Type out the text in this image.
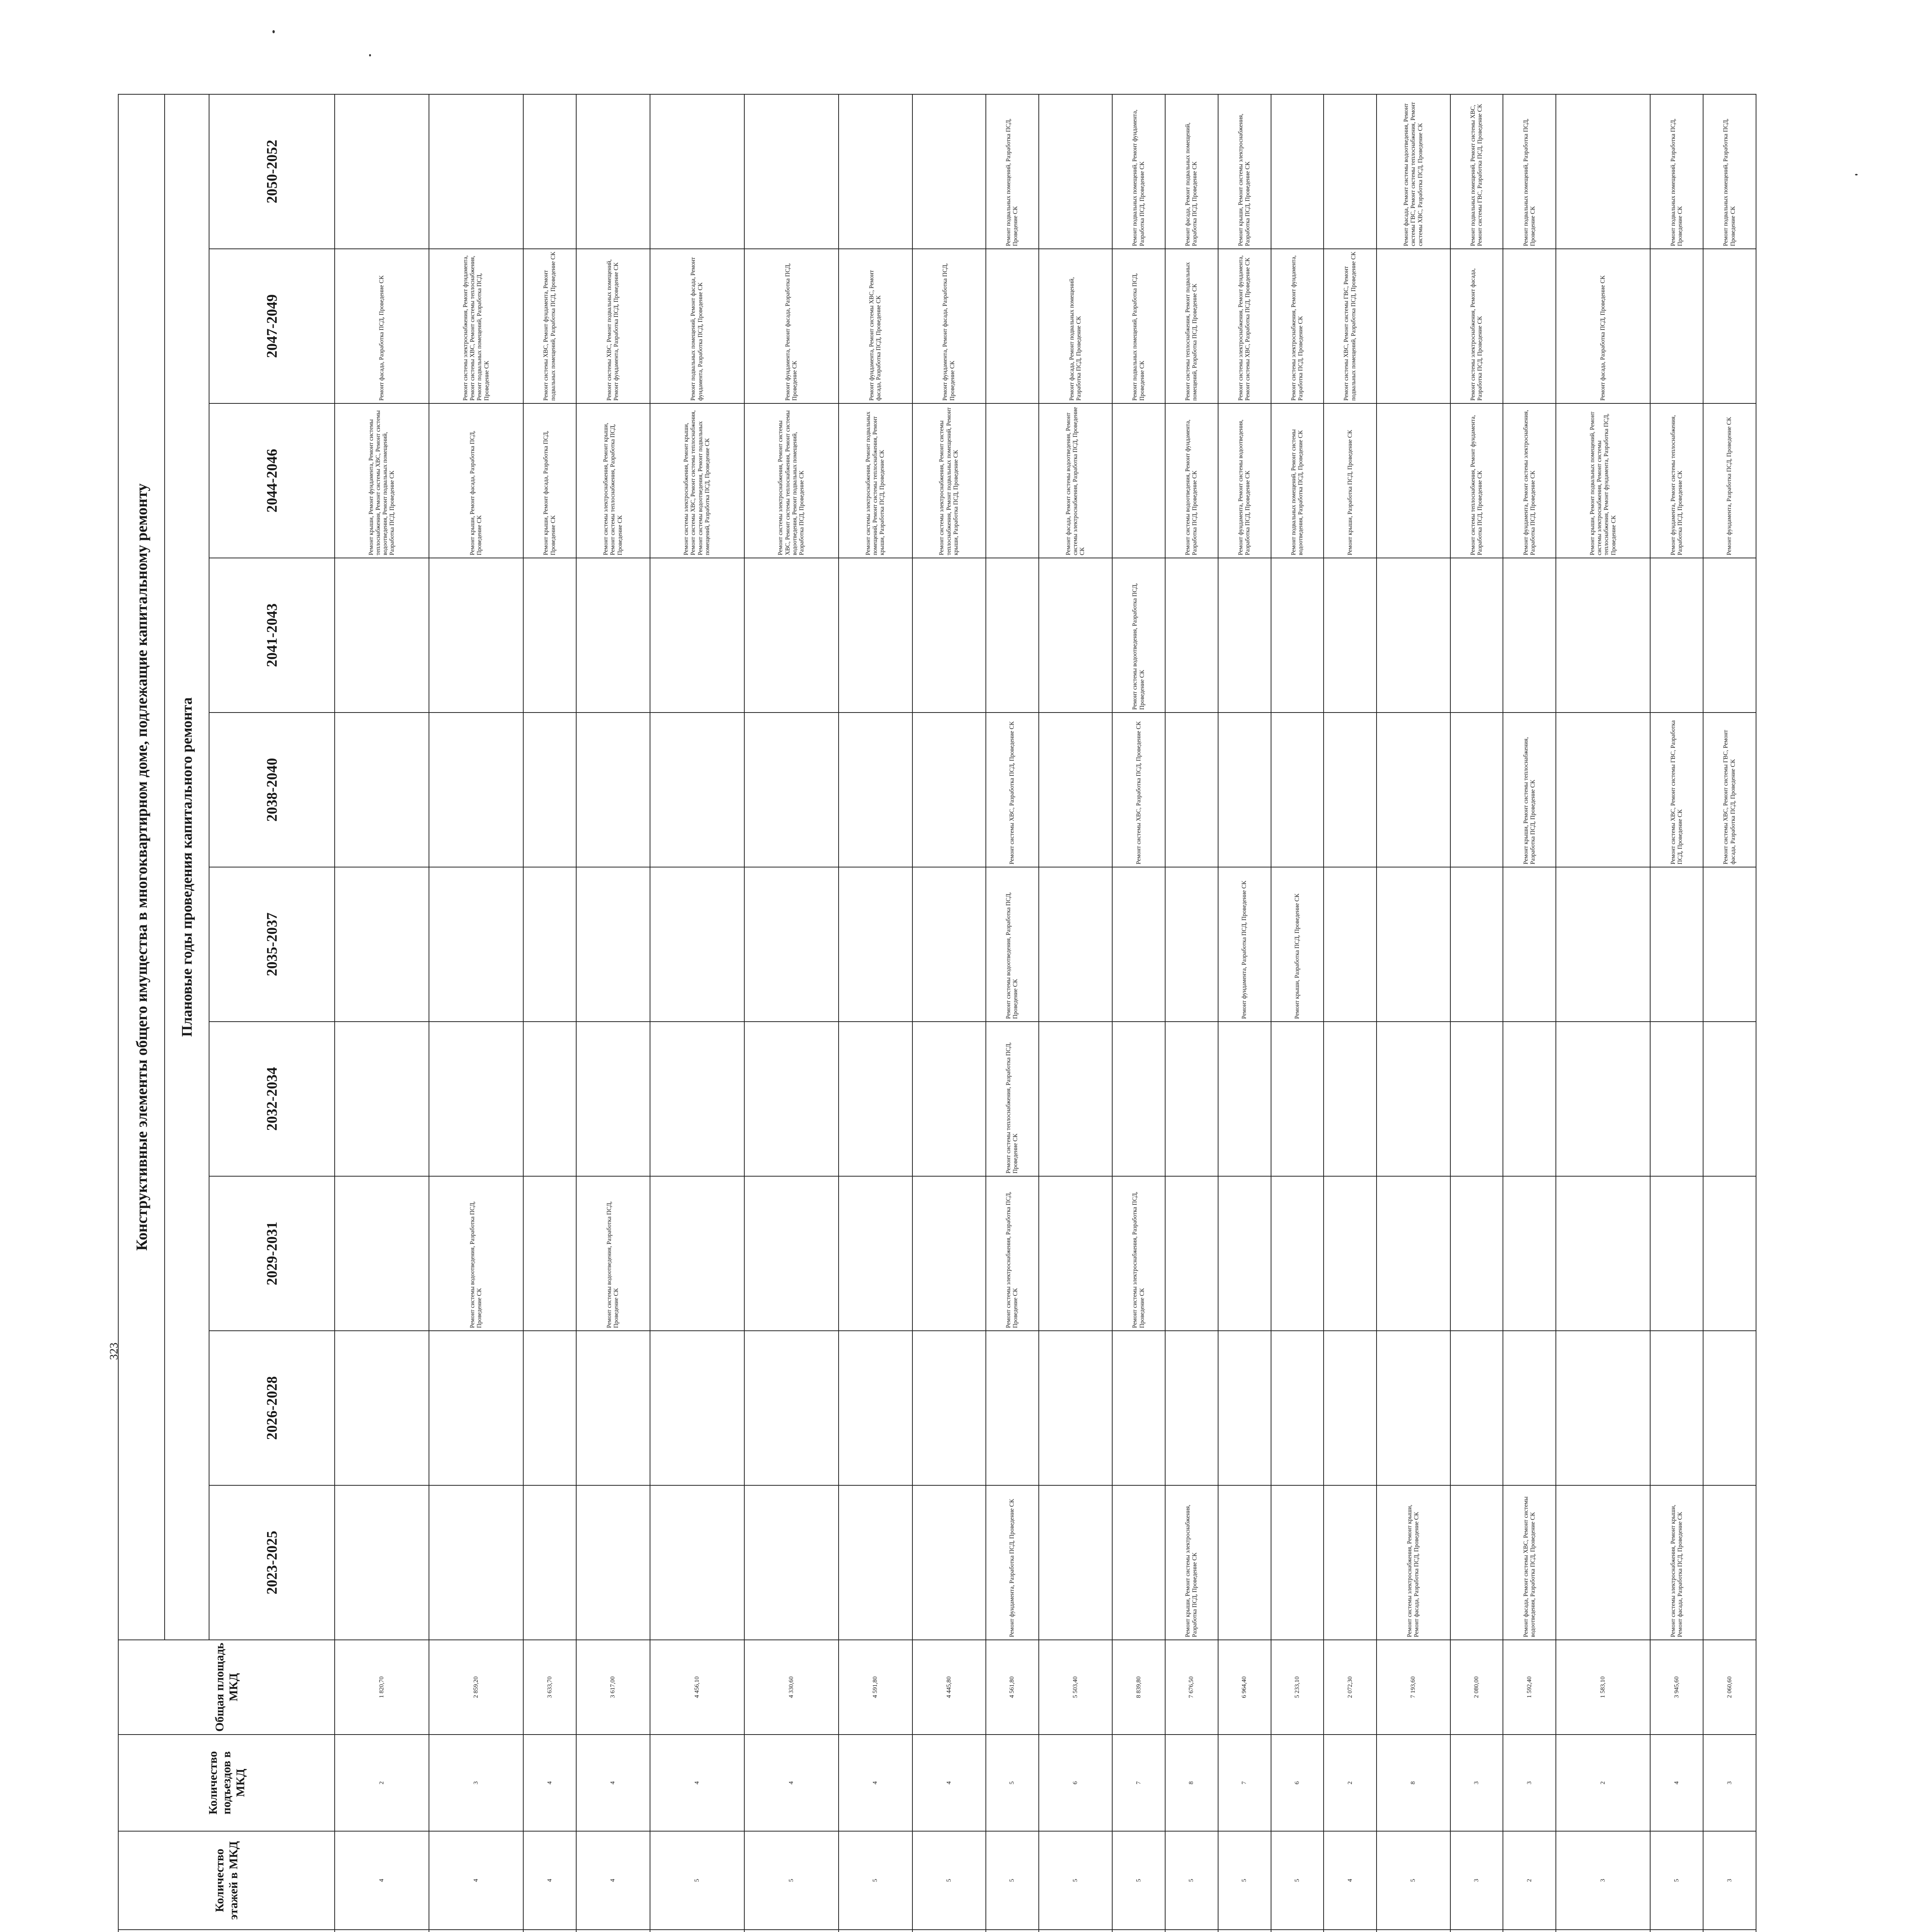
323
						Количество этажей в МКД	Количество подъездов в МКД	Общая площадь МКД	Конструктивные элементы общего имущества в многоквартирном доме, подлежащие капитальному ремонту									
									Плановые годы проведения капитального ремонта									
									2023-2025	2026-2028	2029-2031	2032-2034	2035-2037	2038-2040	2041-2043	2044-2046	2047-2049	2050-2052
						4	2	1 820,70								Ремонт крыши, Ремонт фундамента, Ремонт системы теплоснабжения, Ремонт системы ХВС, Ремонт системы водоотведения, Ремонт подвальных помещений, Разработка ПСД, Проведение СК	Ремонт фасада, Разработка ПСД, Проведение СК	
						4	3	2 859,20			Ремонт системы водоотведения, Разработка ПСД, Проведение СК					Ремонт крыши, Ремонт фасада, Разработка ПСД, Проведение СК	Ремонт системы электроснабжения, Ремонт фундамента, Ремонт системы ХВС, Ремонт системы теплоснабжения, Ремонт подвальных помещений, Разработка ПСД, Проведение СК	
						4	4	3 633,70								Ремонт крыши, Ремонт фасада, Разработка ПСД, Проведение СК	Ремонт системы ХВС, Ремонт фундамента, Ремонт подвальных помещений, Разработка ПСД, Проведение СК	
						4	4	3 617,00			Ремонт системы водоотведения, Разработка ПСД, Проведение СК					Ремонт системы электроснабжения, Ремонт крыши, Ремонт системы теплоснабжения, Разработка ПСД, Проведение СК	Ремонт системы ХВС, Ремонт подвальных помещений, Ремонт фундамента, Разработка ПСД, Проведение СК	
						5	4	4 456,10								Ремонт системы электроснабжения, Ремонт крыши, Ремонт системы ХВС, Ремонт системы теплоснабжения, Ремонт системы водоотведения, Ремонт подвальных помещений, Разработка ПСД, Проведение СК	Ремонт подвальных помещений, Ремонт фасада, Ремонт фундамента, Разработка ПСД, Проведение СК	
						5	4	4 330,60								Ремонт системы электроснабжения, Ремонт системы ХВС, Ремонт системы теплоснабжения, Ремонт системы водоотведения, Ремонт подвальных помещений, Разработка ПСД, Проведение СК	Ремонт фундамента, Ремонт фасада, Разработка ПСД, Проведение СК	
						5	4	4 591,80								Ремонт системы электроснабжения, Ремонт подвальных помещений, Ремонт системы теплоснабжения, Ремонт крыши, Разработка ПСД, Проведение СК	Ремонт фундамента, Ремонт системы ХВС, Ремонт фасада, Разработка ПСД, Проведение СК	
						5	4	4 445,80								Ремонт системы электроснабжения, Ремонт системы теплоснабжения, Ремонт подвальных помещений, Ремонт крыши, Разработка ПСД, Проведение СК	Ремонт фундамента, Ремонт фасада, Разработка ПСД, Проведение СК	
						5	5	4 561,80	Ремонт фундамента, Разработка ПСД, Проведение СК		Ремонт системы электроснабжения, Разработка ПСД, Проведение СК	Ремонт системы теплоснабжения, Разработка ПСД, Проведение СК	Ремонт системы водоотведения, Разработка ПСД, Проведение СК	Ремонт системы ХВС, Разработка ПСД, Проведение СК				Ремонт подвальных помещений, Разработка ПСД, Проведение СК
						5	6	5 503,40								Ремонт фасада, Ремонт системы водоотведения, Ремонт системы электроснабжения, Разработка ПСД, Проведение СК	Ремонт фасада, Ремонт подвальных помещений, Разработка ПСД, Проведение СК	
						5	7	8 839,80			Ремонт системы электроснабжения, Разработка ПСД, Проведение СК			Ремонт системы ХВС, Разработка ПСД, Проведение СК	Ремонт системы водоотведения, Разработка ПСД, Проведение СК		Ремонт подвальных помещений, Разработка ПСД, Проведение СК	Ремонт подвальных помещений, Ремонт фундамента, Разработка ПСД, Проведение СК
						5	8	7 676,50	Ремонт крыши, Ремонт системы электроснабжения, Разработка ПСД, Проведение СК							Ремонт системы водоотведения, Ремонт фундамента, Разработка ПСД, Проведение СК	Ремонт системы теплоснабжения, Ремонт подвальных помещений, Разработка ПСД, Проведение СК	Ремонт фасада, Ремонт подвальных помещений, Разработка ПСД, Проведение СК
						5	7	6 964,40					Ремонт фундамента, Разработка ПСД, Проведение СК			Ремонт фундамента, Ремонт системы водоотведения, Разработка ПСД, Проведение СК	Ремонт системы электроснабжения, Ремонт фундамента, Ремонт системы ХВС, Разработка ПСД, Проведение СК	Ремонт крыши, Ремонт системы электроснабжения, Разработка ПСД, Проведение СК
						5	6	5 233,10					Ремонт крыши, Разработка ПСД, Проведение СК			Ремонт подвальных помещений, Ремонт системы водоотведения, Разработка ПСД, Проведение СК	Ремонт системы электроснабжения, Ремонт фундамента, Разработка ПСД, Проведение СК	
						4	2	2 072,30								Ремонт крыши, Разработка ПСД, Проведение СК	Ремонт системы ХВС, Ремонт системы ГВС, Ремонт подвальных помещений, Разработка ПСД, Проведение СК	
						5	8	7 193,60	Ремонт системы электроснабжения, Ремонт крыши, Ремонт фасада, Разработка ПСД, Проведение СК									Ремонт фасада, Ремонт системы водоотведения, Ремонт системы ГВС, Ремонт системы теплоснабжения, Ремонт системы ХВС, Разработка ПСД, Проведение СК
						3	3	2 080,00								Ремонт системы теплоснабжения, Ремонт фундамента, Разработка ПСД, Проведение СК	Ремонт системы электроснабжения, Ремонт фасада, Разработка ПСД, Проведение СК	Ремонт подвальных помещений, Ремонт системы ХВС, Ремонт системы ГВС, Разработка ПСД, Проведение СК
						2	3	1 592,40	Ремонт фасада, Ремонт системы ХВС, Ремонт системы водоотведения, Разработка ПСД, Проведение СК					Ремонт крыши, Ремонт системы теплоснабжения, Разработка ПСД, Проведение СК		Ремонт фундамента, Ремонт системы электроснабжения, Разработка ПСД, Проведение СК		Ремонт подвальных помещений, Разработка ПСД, Проведение СК
						3	2	1 583,10								Ремонт крыши, Ремонт подвальных помещений, Ремонт системы электроснабжения, Ремонт системы теплоснабжения, Ремонт фундамента, Разработка ПСД, Проведение СК	Ремонт фасада, Разработка ПСД, Проведение СК	
						5	4	3 945,60	Ремонт системы электроснабжения, Ремонт крыши, Ремонт фасада, Разработка ПСД, Проведение СК					Ремонт системы ХВС, Ремонт системы ГВС, Разработка ПСД, Проведение СК		Ремонт фундамента, Ремонт системы теплоснабжения, Разработка ПСД, Проведение СК		Ремонт подвальных помещений, Разработка ПСД, Проведение СК
						3	3	2 060,60						Ремонт системы ХВС, Ремонт системы ГВС, Ремонт фасада, Разработка ПСД, Проведение СК		Ремонт фундамента, Разработка ПСД, Проведение СК		Ремонт подвальных помещений, Разработка ПСД, Проведение СК
